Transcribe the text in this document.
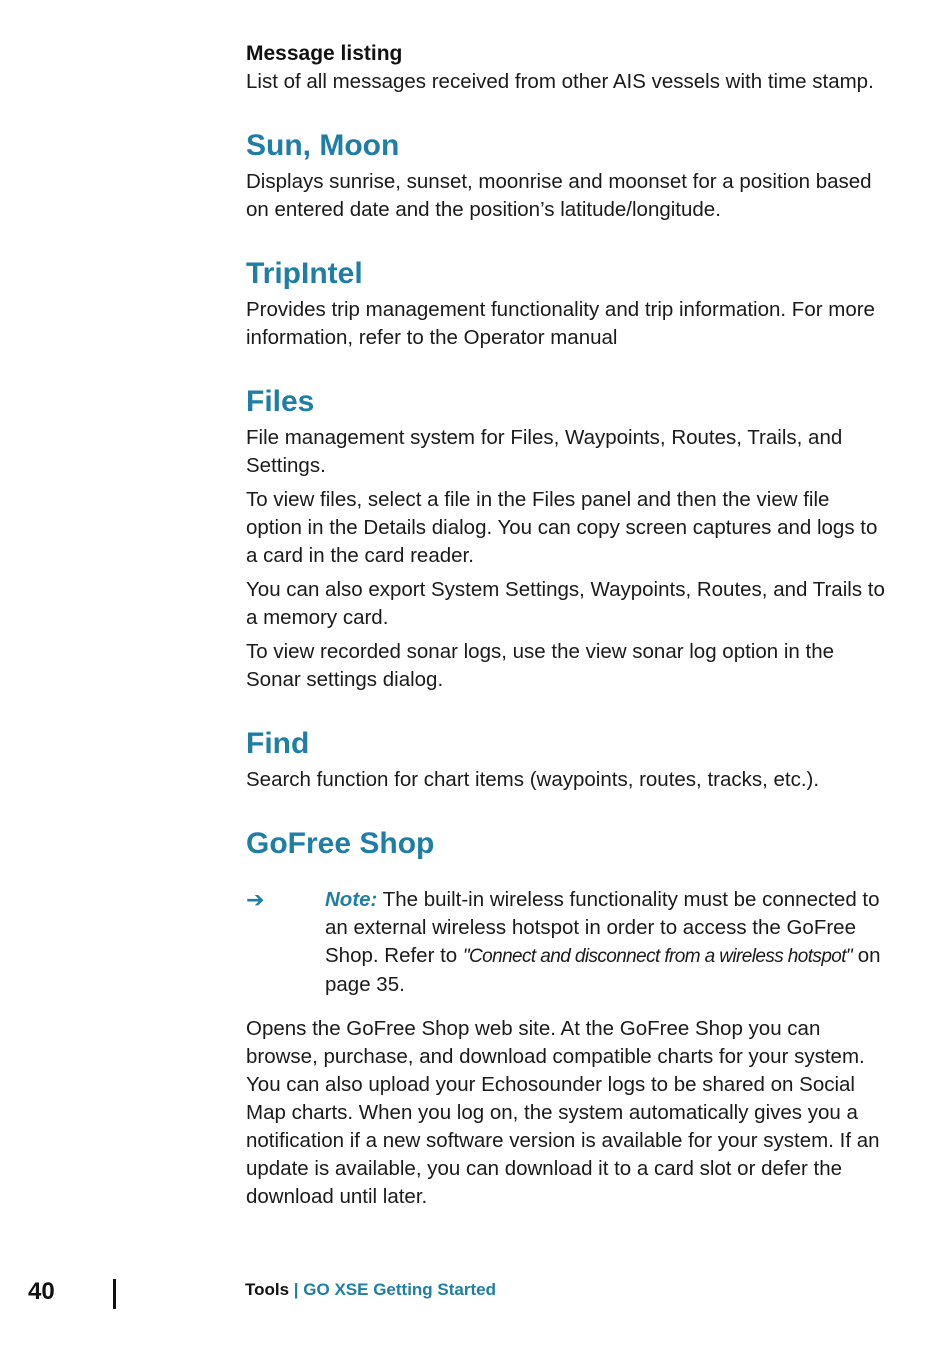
Message listing

List of all messages received from other AIS vessels with time stamp.

Sun, Moon

Displays sunrise, sunset, moonrise and moonset for a position based on entered date and the position’s latitude/longitude.

TripIntel

Provides trip management functionality and trip information. For more information, refer to the Operator manual

Files

File management system for Files, Waypoints, Routes, Trails, and Settings.

To view files, select a file in the Files panel and then the view file option in the Details dialog. You can copy screen captures and logs to a card in the card reader.

You can also export System Settings, Waypoints, Routes, and Trails to a memory card.

To view recorded sonar logs, use the view sonar log option in the Sonar settings dialog.

Find

Search function for chart items (waypoints, routes, tracks, etc.).

GoFree Shop
➔	Note: The built-in wireless functionality must be connected to an external wireless hotspot in order to access the GoFree Shop. Refer to "Connect and disconnect from a wireless hotspot" on page 35.

Opens the GoFree Shop web site. At the GoFree Shop you can browse, purchase, and download compatible charts for your system. You can also upload your Echosounder logs to be shared on Social Map charts. When you log on, the system automatically gives you a notification if a new software version is available for your system. If an update is available, you can download it to a card slot or defer the download until later.

40	Tools | GO XSE Getting Started
